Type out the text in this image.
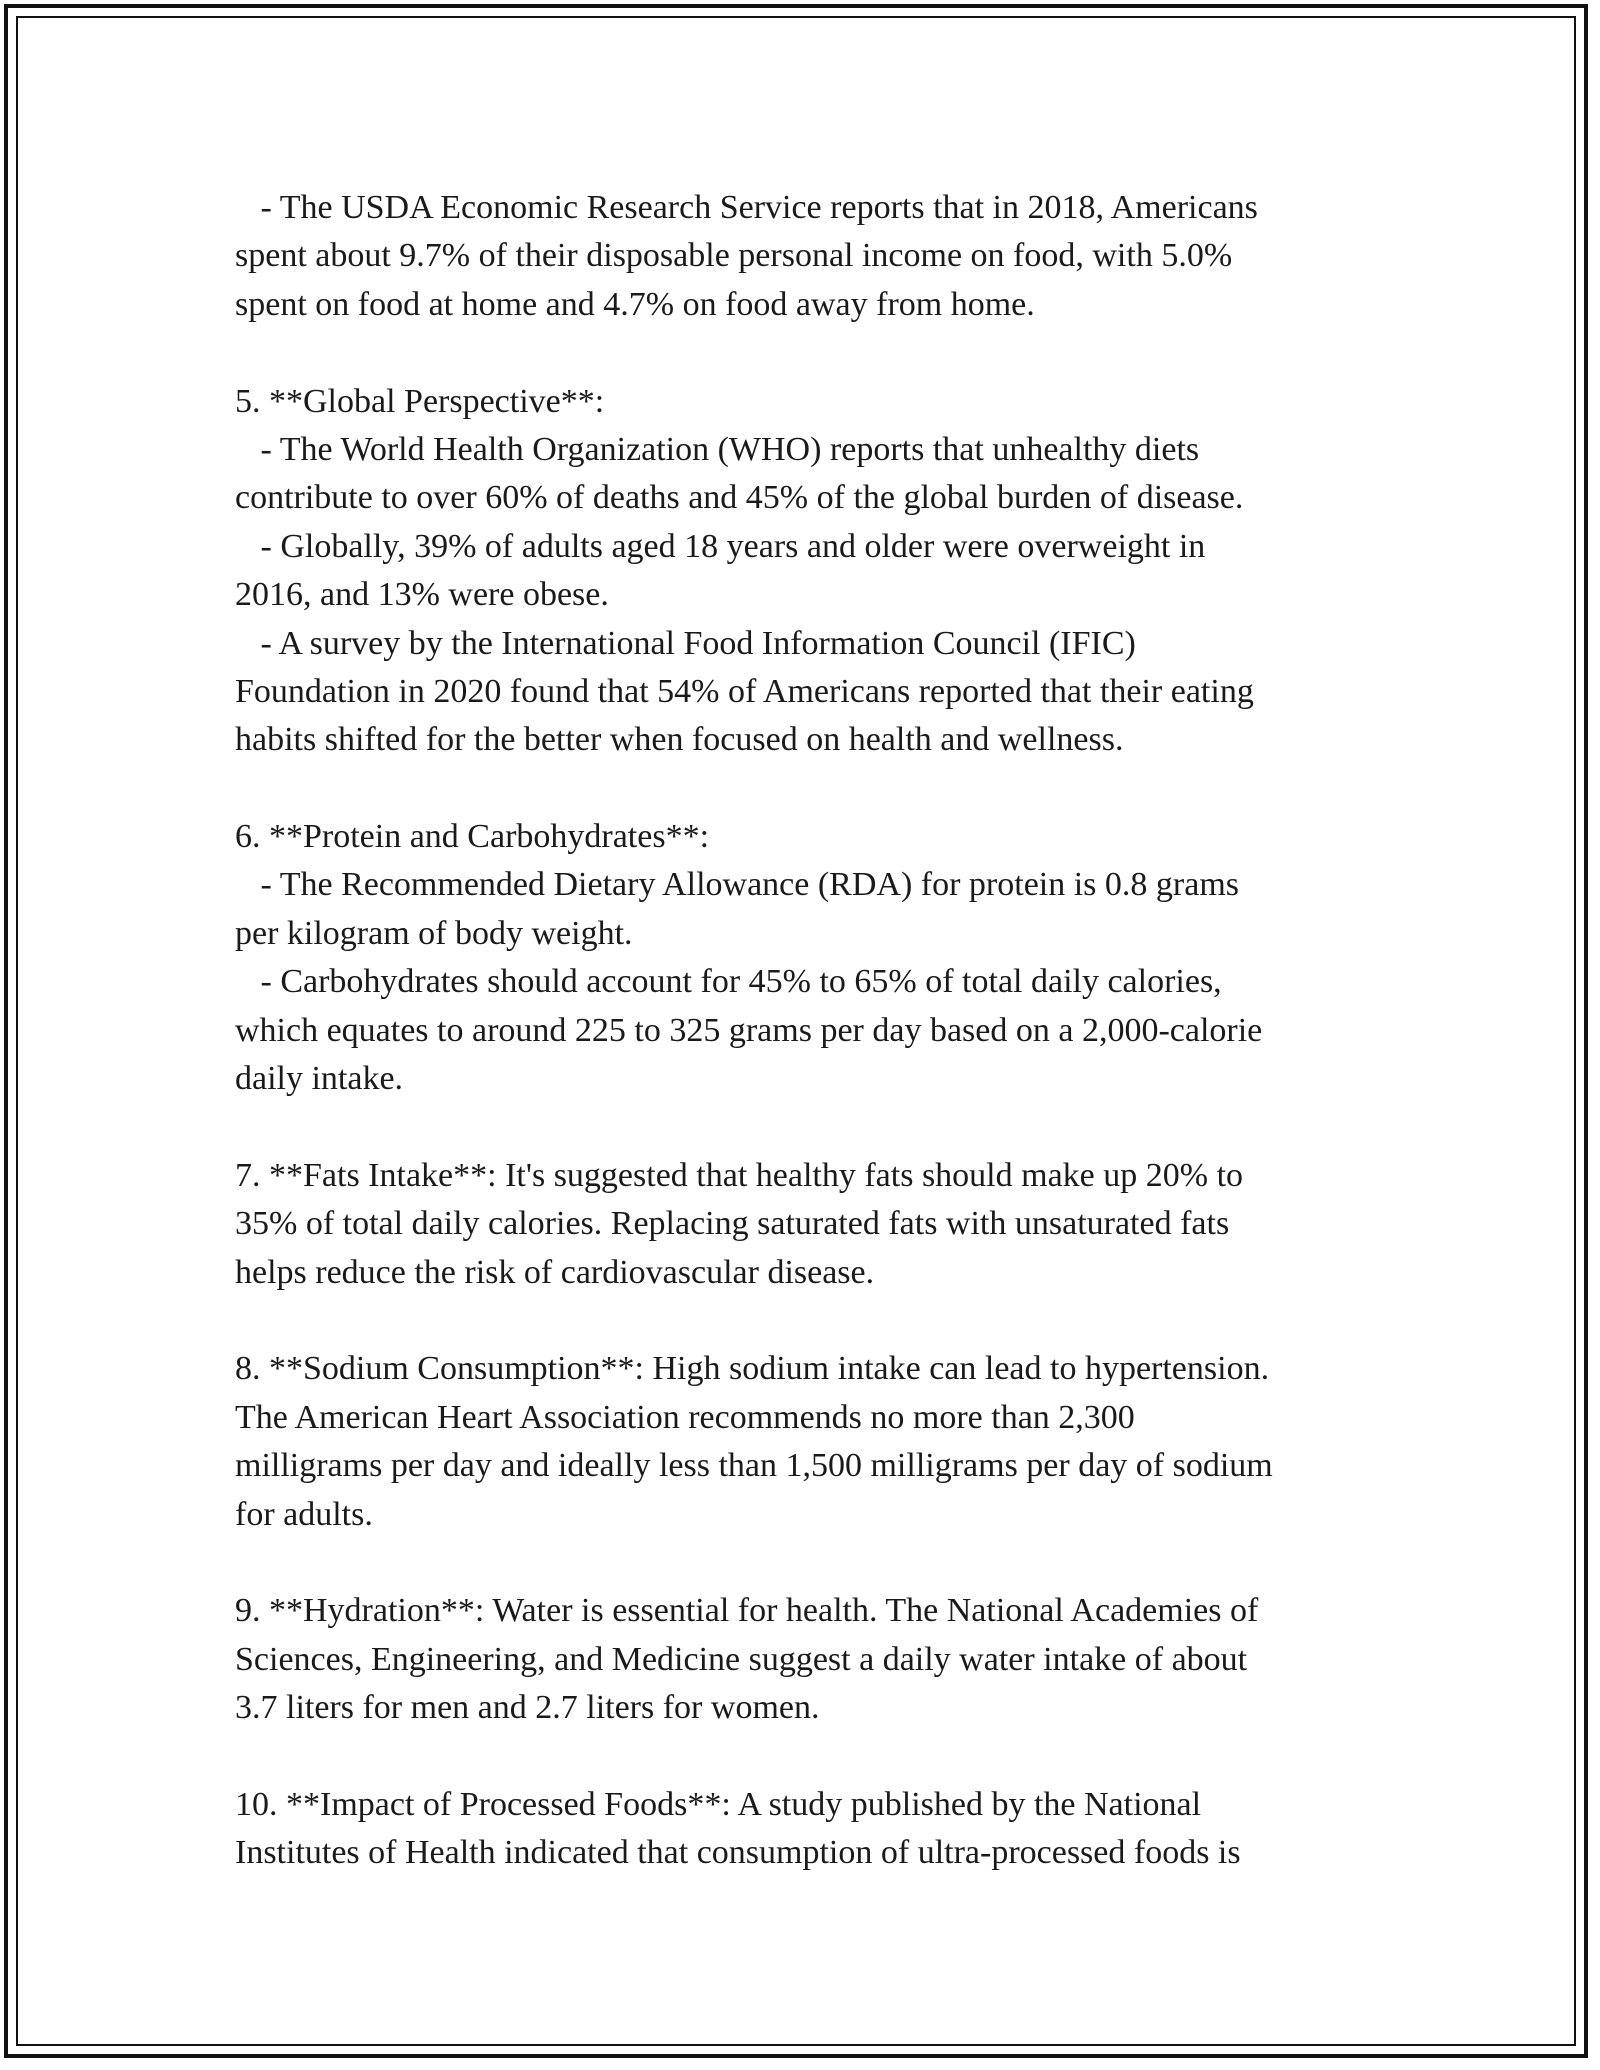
- The USDA Economic Research Service reports that in 2018, Americans
spent about 9.7% of their disposable personal income on food, with 5.0%
spent on food at home and 4.7% on food away from home.
5. **Global Perspective**:
- The World Health Organization (WHO) reports that unhealthy diets
contribute to over 60% of deaths and 45% of the global burden of disease.
- Globally, 39% of adults aged 18 years and older were overweight in
2016, and 13% were obese.
- A survey by the International Food Information Council (IFIC)
Foundation in 2020 found that 54% of Americans reported that their eating
habits shifted for the better when focused on health and wellness.
6. **Protein and Carbohydrates**:
- The Recommended Dietary Allowance (RDA) for protein is 0.8 grams
per kilogram of body weight.
- Carbohydrates should account for 45% to 65% of total daily calories,
which equates to around 225 to 325 grams per day based on a 2,000-calorie
daily intake.
7. **Fats Intake**: It's suggested that healthy fats should make up 20% to
35% of total daily calories. Replacing saturated fats with unsaturated fats
helps reduce the risk of cardiovascular disease.
8. **Sodium Consumption**: High sodium intake can lead to hypertension.
The American Heart Association recommends no more than 2,300
milligrams per day and ideally less than 1,500 milligrams per day of sodium
for adults.
9. **Hydration**: Water is essential for health. The National Academies of
Sciences, Engineering, and Medicine suggest a daily water intake of about
3.7 liters for men and 2.7 liters for women.
10. **Impact of Processed Foods**: A study published by the National
Institutes of Health indicated that consumption of ultra-processed foods is
